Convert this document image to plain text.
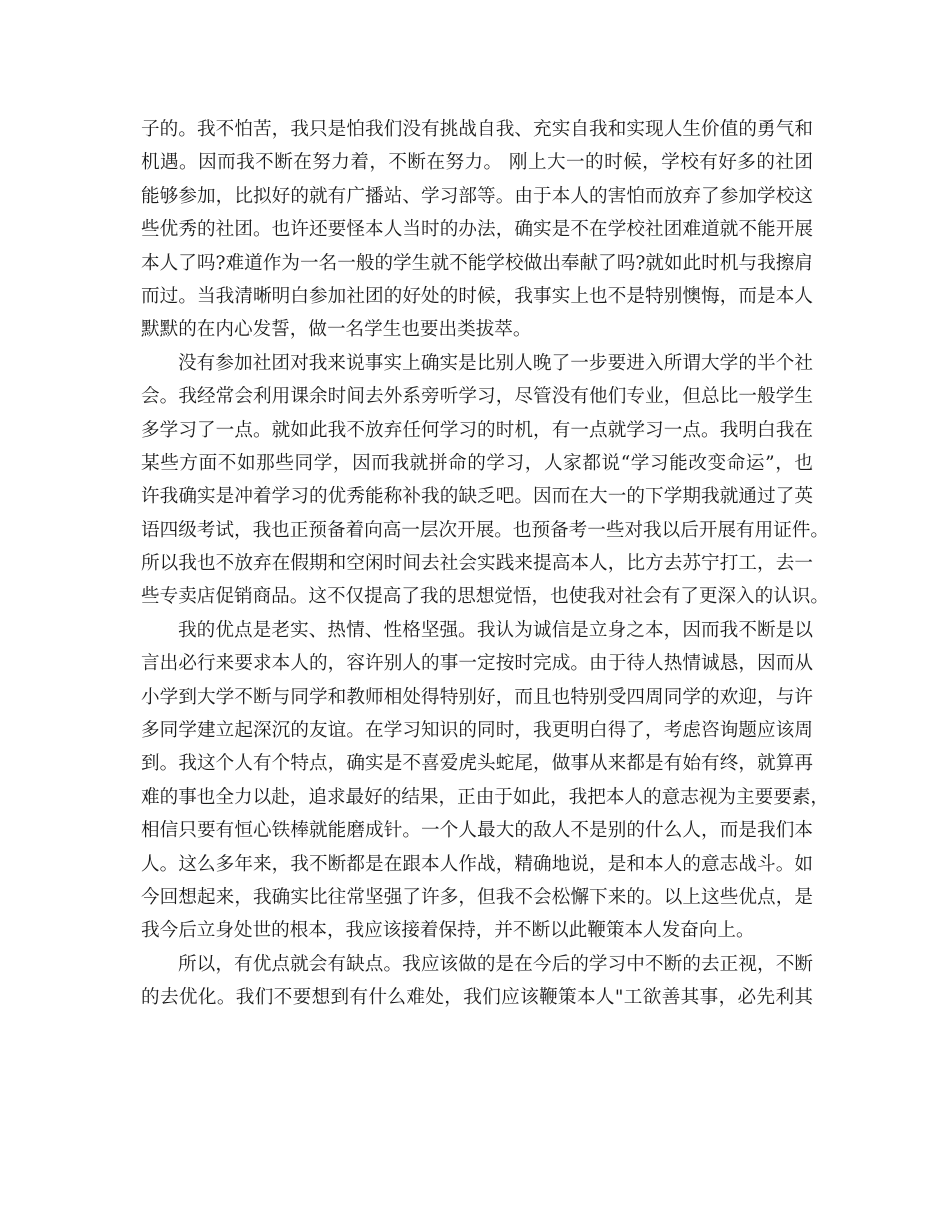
子的。我不怕苦，我只是怕我们没有挑战自我、充实自我和实现人生价值的勇气和
机遇。因而我不断在努力着，不断在努力。 刚上大一的时候，学校有好多的社团
能够参加，比拟好的就有广播站、学习部等。由于本人的害怕而放弃了参加学校这
些优秀的社团。也许还要怪本人当时的办法，确实是不在学校社团难道就不能开展
本人了吗?难道作为一名一般的学生就不能学校做出奉献了吗?就如此时机与我擦肩
而过。当我清晰明白参加社团的好处的时候，我事实上也不是特别懊悔，而是本人
默默的在内心发誓，做一名学生也要出类拔萃。
没有参加社团对我来说事实上确实是比别人晚了一步要进入所谓大学的半个社
会。我经常会利用课余时间去外系旁听学习，尽管没有他们专业，但总比一般学生
多学习了一点。就如此我不放弃任何学习的时机，有一点就学习一点。我明白我在
某些方面不如那些同学，因而我就拼命的学习，人家都说“学习能改变命运”，也
许我确实是冲着学习的优秀能称补我的缺乏吧。因而在大一的下学期我就通过了英
语四级考试，我也正预备着向高一层次开展。也预备考一些对我以后开展有用证件。
所以我也不放弃在假期和空闲时间去社会实践来提高本人，比方去苏宁打工，去一
些专卖店促销商品。这不仅提高了我的思想觉悟，也使我对社会有了更深入的认识。
我的优点是老实、热情、性格坚强。我认为诚信是立身之本，因而我不断是以
言出必行来要求本人的，容许别人的事一定按时完成。由于待人热情诚恳，因而从
小学到大学不断与同学和教师相处得特别好，而且也特别受四周同学的欢迎，与许
多同学建立起深沉的友谊。在学习知识的同时，我更明白得了，考虑咨询题应该周
到。我这个人有个特点，确实是不喜爱虎头蛇尾，做事从来都是有始有终，就算再
难的事也全力以赴，追求最好的结果，正由于如此，我把本人的意志视为主要要素，
相信只要有恒心铁棒就能磨成针。一个人最大的敌人不是别的什么人，而是我们本
人。这么多年来，我不断都是在跟本人作战，精确地说，是和本人的意志战斗。如
今回想起来，我确实比往常坚强了许多，但我不会松懈下来的。以上这些优点，是
我今后立身处世的根本，我应该接着保持，并不断以此鞭策本人发奋向上。
所以，有优点就会有缺点。我应该做的是在今后的学习中不断的去正视，不断
的去优化。我们不要想到有什么难处，我们应该鞭策本人"工欲善其事，必先利其
